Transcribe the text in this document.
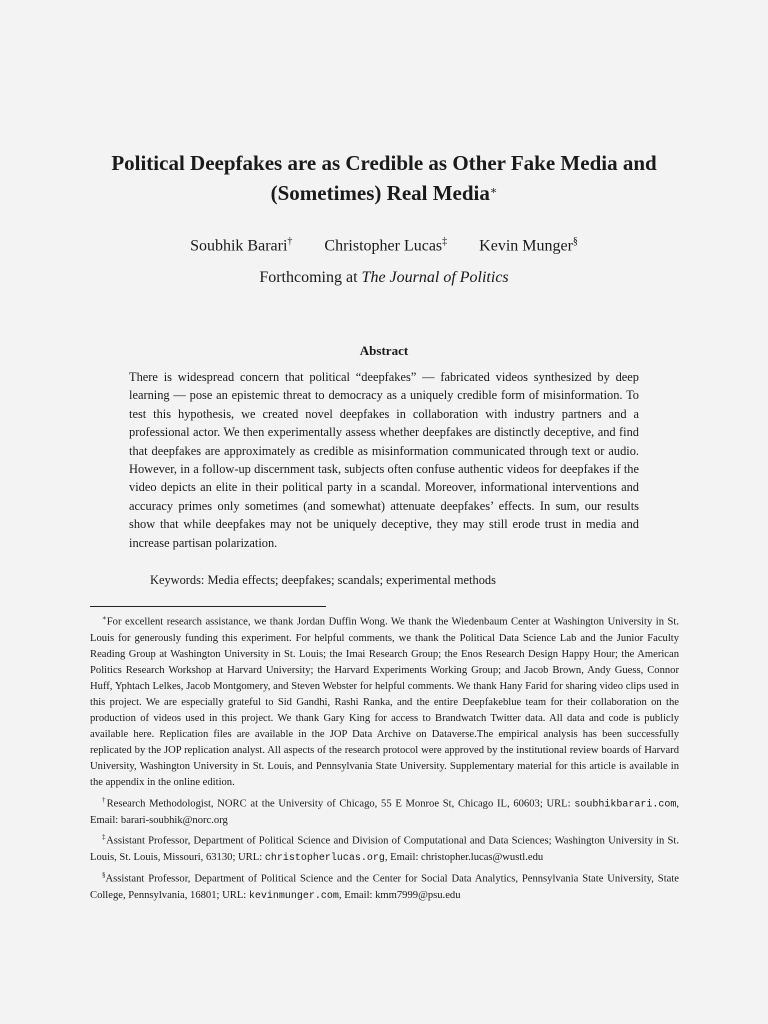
Political Deepfakes are as Credible as Other Fake Media and (Sometimes) Real Media∗
Soubhik Barari† Christopher Lucas‡ Kevin Munger§
Forthcoming at The Journal of Politics
Abstract
There is widespread concern that political “deepfakes” — fabricated videos synthesized by deep learning — pose an epistemic threat to democracy as a uniquely credible form of misinformation. To test this hypothesis, we created novel deepfakes in collaboration with industry partners and a professional actor. We then experimentally assess whether deepfakes are distinctly deceptive, and find that deepfakes are approximately as credible as misinformation communicated through text or audio. However, in a follow-up discernment task, subjects often confuse authentic videos for deepfakes if the video depicts an elite in their political party in a scandal. Moreover, informational interventions and accuracy primes only sometimes (and somewhat) attenuate deepfakes’ effects. In sum, our results show that while deepfakes may not be uniquely deceptive, they may still erode trust in media and increase partisan polarization.
Keywords: Media effects; deepfakes; scandals; experimental methods

∗For excellent research assistance, we thank Jordan Duffin Wong. We thank the Wiedenbaum Center at Washington University in St. Louis for generously funding this experiment. For helpful comments, we thank the Political Data Science Lab and the Junior Faculty Reading Group at Washington University in St. Louis; the Imai Research Group; the Enos Research Design Happy Hour; the American Politics Research Workshop at Harvard University; the Harvard Experiments Working Group; and Jacob Brown, Andy Guess, Connor Huff, Yphtach Lelkes, Jacob Montgomery, and Steven Webster for helpful comments. We thank Hany Farid for sharing video clips used in this project. We are especially grateful to Sid Gandhi, Rashi Ranka, and the entire Deepfakeblue team for their collaboration on the production of videos used in this project. We thank Gary King for access to Brandwatch Twitter data. All data and code is publicly available here. Replication files are available in the JOP Data Archive on Dataverse.The empirical analysis has been successfully replicated by the JOP replication analyst. All aspects of the research protocol were approved by the institutional review boards of Harvard University, Washington University in St. Louis, and Pennsylvania State University. Supplementary material for this article is available in the appendix in the online edition.

†Research Methodologist, NORC at the University of Chicago, 55 E Monroe St, Chicago IL, 60603; URL: soubhikbarari.com, Email: barari-soubhik@norc.org

‡Assistant Professor, Department of Political Science and Division of Computational and Data Sciences; Washington University in St. Louis, St. Louis, Missouri, 63130; URL: christopherlucas.org, Email: christopher.lucas@wustl.edu

§Assistant Professor, Department of Political Science and the Center for Social Data Analytics, Pennsylvania State University, State College, Pennsylvania, 16801; URL: kevinmunger.com, Email: kmm7999@psu.edu
